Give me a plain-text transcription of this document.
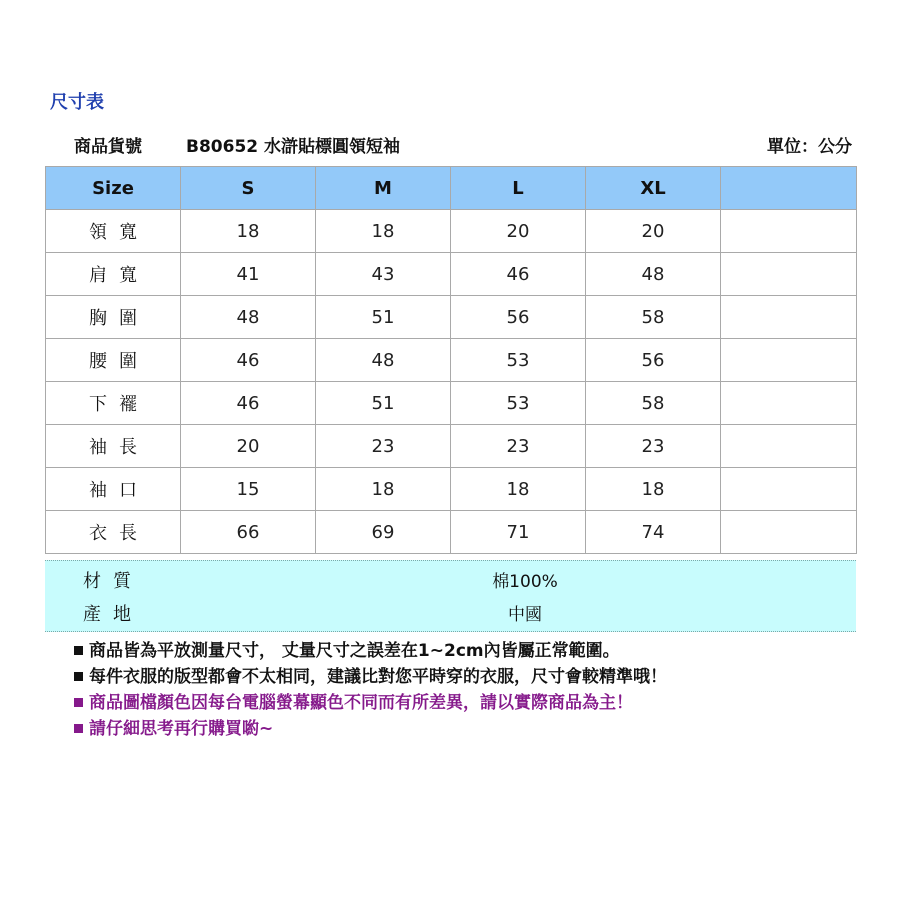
尺寸表
商品貨號	B80652 水滸貼標圓領短袖	單位：公分
Size	S	M	L	XL	
領寬	18	18	20	20	
肩寬	41	43	46	48	
胸圍	48	51	56	58	
腰圍	46	48	53	56	
下襬	46	51	53	58	
袖長	20	23	23	23	
袖口	15	18	18	18	
衣長	66	69	71	74	
材質	棉100%
產地	中國
商品皆為平放測量尺寸， 丈量尺寸之誤差在1~2cm內皆屬正常範圍。
每件衣服的版型都會不太相同，建議比對您平時穿的衣服，尺寸會較精準哦！
商品圖檔顏色因每台電腦螢幕顯色不同而有所差異，請以實際商品為主！
請仔細思考再行購買喲~
